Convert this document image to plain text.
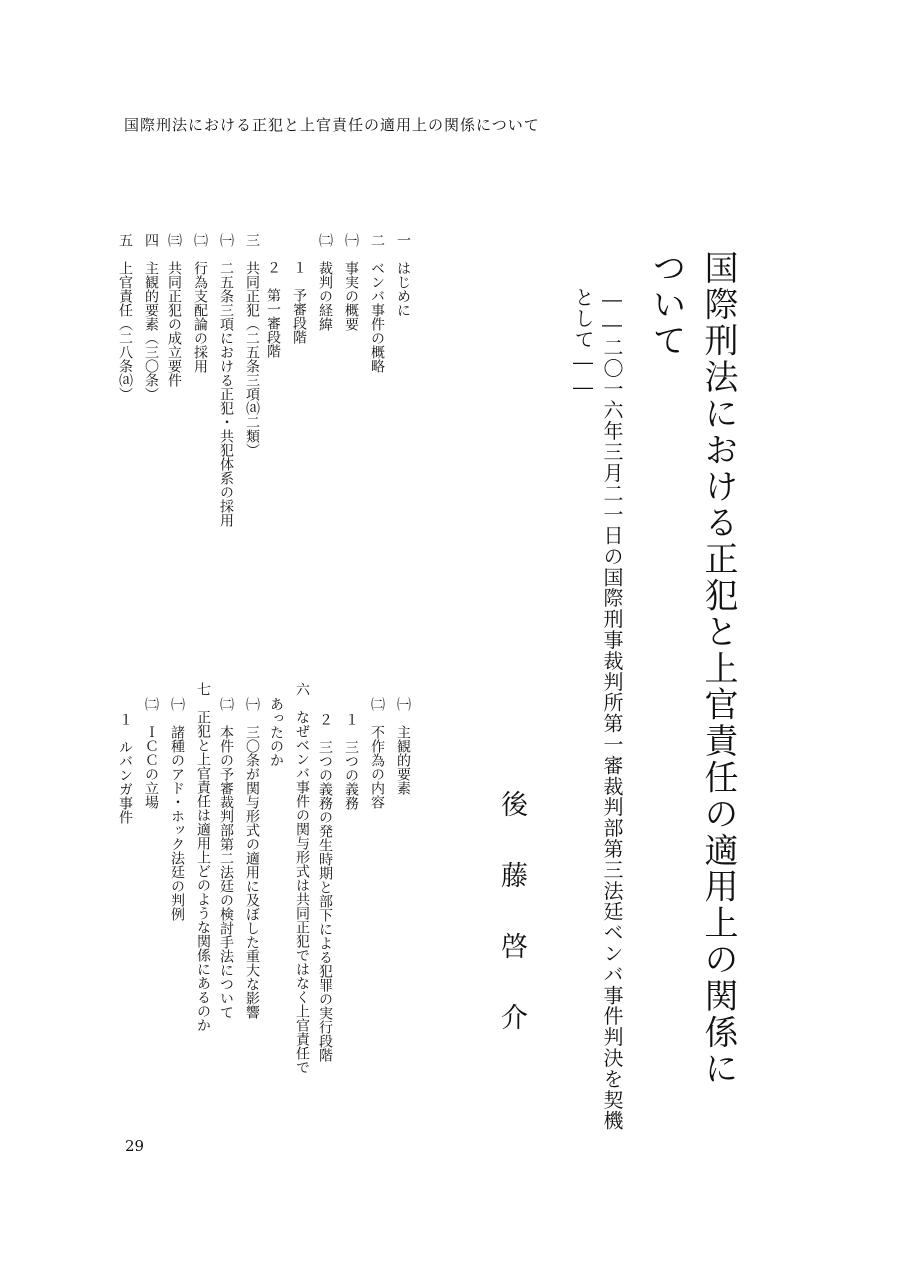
国際刑法における正犯と上官責任の適用上の関係について
国際刑法における正犯と上官責任の適用上の関係に
ついて
――二〇一六年三月二一日の国際刑事裁判所第一審裁判部第三法廷ベンバ事件判決を契機
として――
後藤啓介
一　はじめに
二　ベンバ事件の概略
㈠　事実の概要
㈡　裁判の経緯
１　予審段階
２　第一審段階
三　共同正犯（二五条三項⒜二類）
㈠　二五条三項における正犯・共犯体系の採用
㈡　行為支配論の採用
㈢　共同正犯の成立要件
四　主観的要素（三〇条）
五　上官責任（二八条⒜）
㈠　主観的要素
㈡　不作為の内容
１　三つの義務
２　三つの義務の発生時期と部下による犯罪の実行段階
六　なぜベンバ事件の関与形式は共同正犯ではなく上官責任で
あったのか
㈠　三〇条が関与形式の適用に及ぼした重大な影響
㈡　本件の予審裁判部第二法廷の検討手法について
七　正犯と上官責任は適用上どのような関係にあるのか
㈠　諸種のアド・ホック法廷の判例
㈡　ＩＣＣの立場
１　ルバンガ事件
29
